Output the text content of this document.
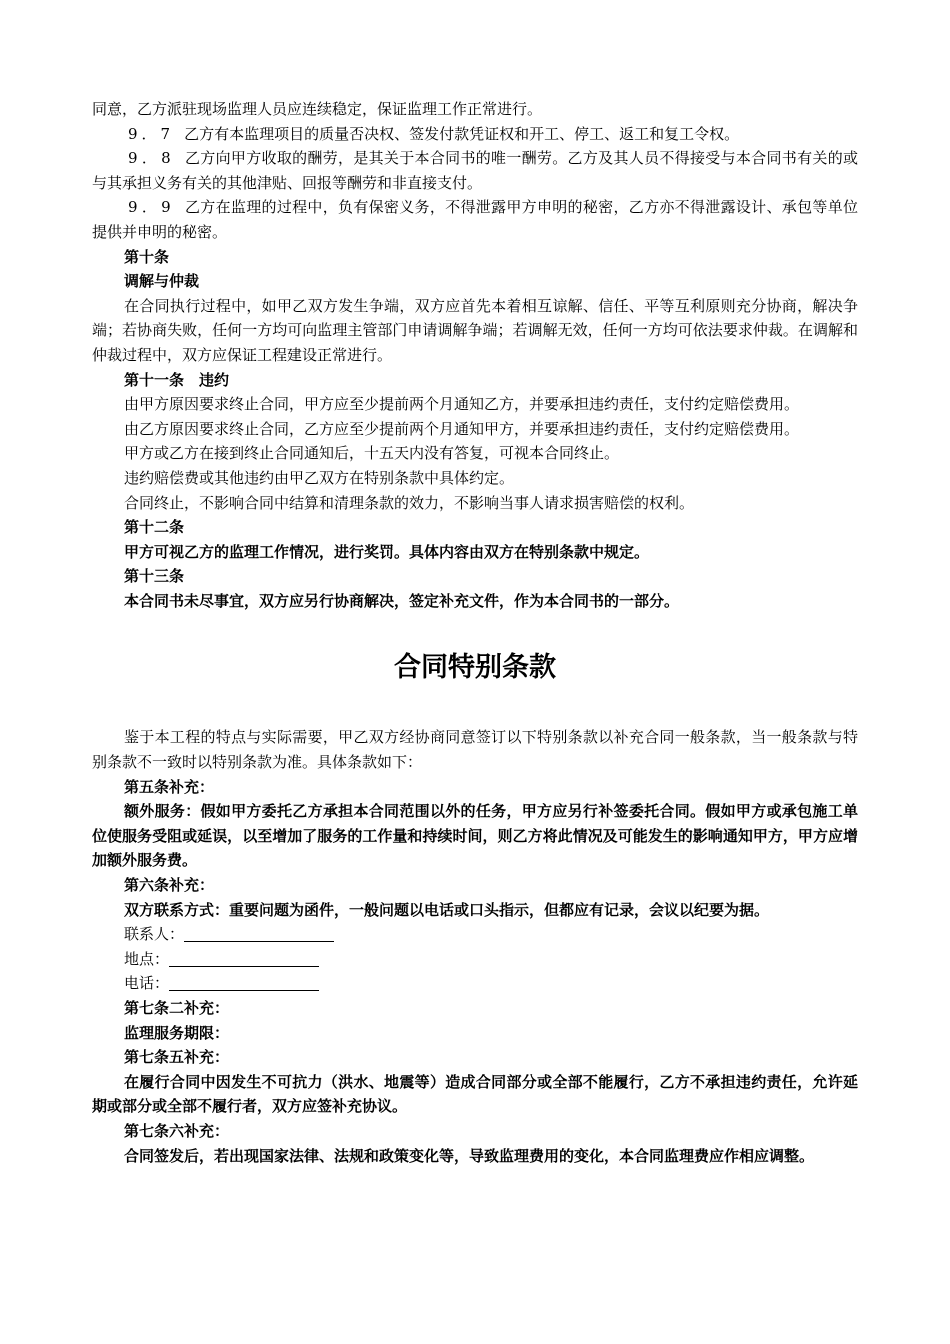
同意，乙方派驻现场监理人员应连续稳定，保证监理工作正常进行。

9．7 乙方有本监理项目的质量否决权、签发付款凭证权和开工、停工、返工和复工令权。

9．8 乙方向甲方收取的酬劳，是其关于本合同书的唯一酬劳。乙方及其人员不得接受与本合同书有关的或与其承担义务有关的其他津贴、回报等酬劳和非直接支付。

9．9 乙方在监理的过程中，负有保密义务，不得泄露甲方申明的秘密，乙方亦不得泄露设计、承包等单位提供并申明的秘密。

第十条

调解与仲裁

在合同执行过程中，如甲乙双方发生争端，双方应首先本着相互谅解、信任、平等互利原则充分协商，解决争端；若协商失败，任何一方均可向监理主管部门申请调解争端；若调解无效，任何一方均可依法要求仲裁。在调解和仲裁过程中，双方应保证工程建设正常进行。

第十一条　违约

由甲方原因要求终止合同，甲方应至少提前两个月通知乙方，并要承担违约责任，支付约定赔偿费用。

由乙方原因要求终止合同，乙方应至少提前两个月通知甲方，并要承担违约责任，支付约定赔偿费用。

甲方或乙方在接到终止合同通知后，十五天内没有答复，可视本合同终止。

违约赔偿费或其他违约由甲乙双方在特别条款中具体约定。

合同终止，不影响合同中结算和清理条款的效力，不影响当事人请求损害赔偿的权利。

第十二条

甲方可视乙方的监理工作情况，进行奖罚。具体内容由双方在特别条款中规定。

第十三条

本合同书未尽事宜，双方应另行协商解决，签定补充文件，作为本合同书的一部分。

合同特别条款

鉴于本工程的特点与实际需要，甲乙双方经协商同意签订以下特别条款以补充合同一般条款，当一般条款与特别条款不一致时以特别条款为准。具体条款如下：

第五条补充：

额外服务：假如甲方委托乙方承担本合同范围以外的任务，甲方应另行补签委托合同。假如甲方或承包施工单位使服务受阻或延误，以至增加了服务的工作量和持续时间，则乙方将此情况及可能发生的影响通知甲方，甲方应增加额外服务费。

第六条补充：

双方联系方式：重要问题为函件，一般问题以电话或口头指示，但都应有记录，会议以纪要为据。

联系人：

地点：

电话：

第七条二补充：

监理服务期限：

第七条五补充：

在履行合同中因发生不可抗力（洪水、地震等）造成合同部分或全部不能履行，乙方不承担违约责任，允许延期或部分或全部不履行者，双方应签补充协议。

第七条六补充：

合同签发后，若出现国家法律、法规和政策变化等，导致监理费用的变化，本合同监理费应作相应调整。
